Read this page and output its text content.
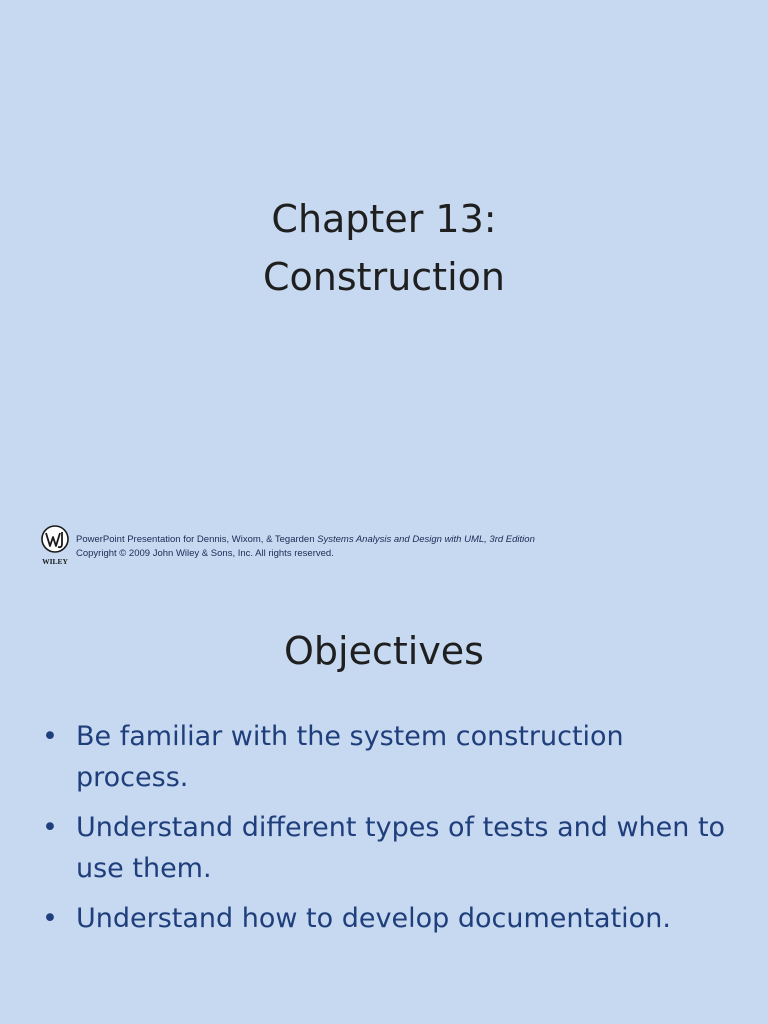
Chapter 13:
Construction
WILEY
PowerPoint Presentation for Dennis, Wixom, & Tegarden Systems Analysis and Design with UML, 3rd Edition
Copyright © 2009 John Wiley & Sons, Inc. All rights reserved.
Objectives
• Be familiar with the system construction process.
• Understand different types of tests and when to use them.
• Understand how to develop documentation.
